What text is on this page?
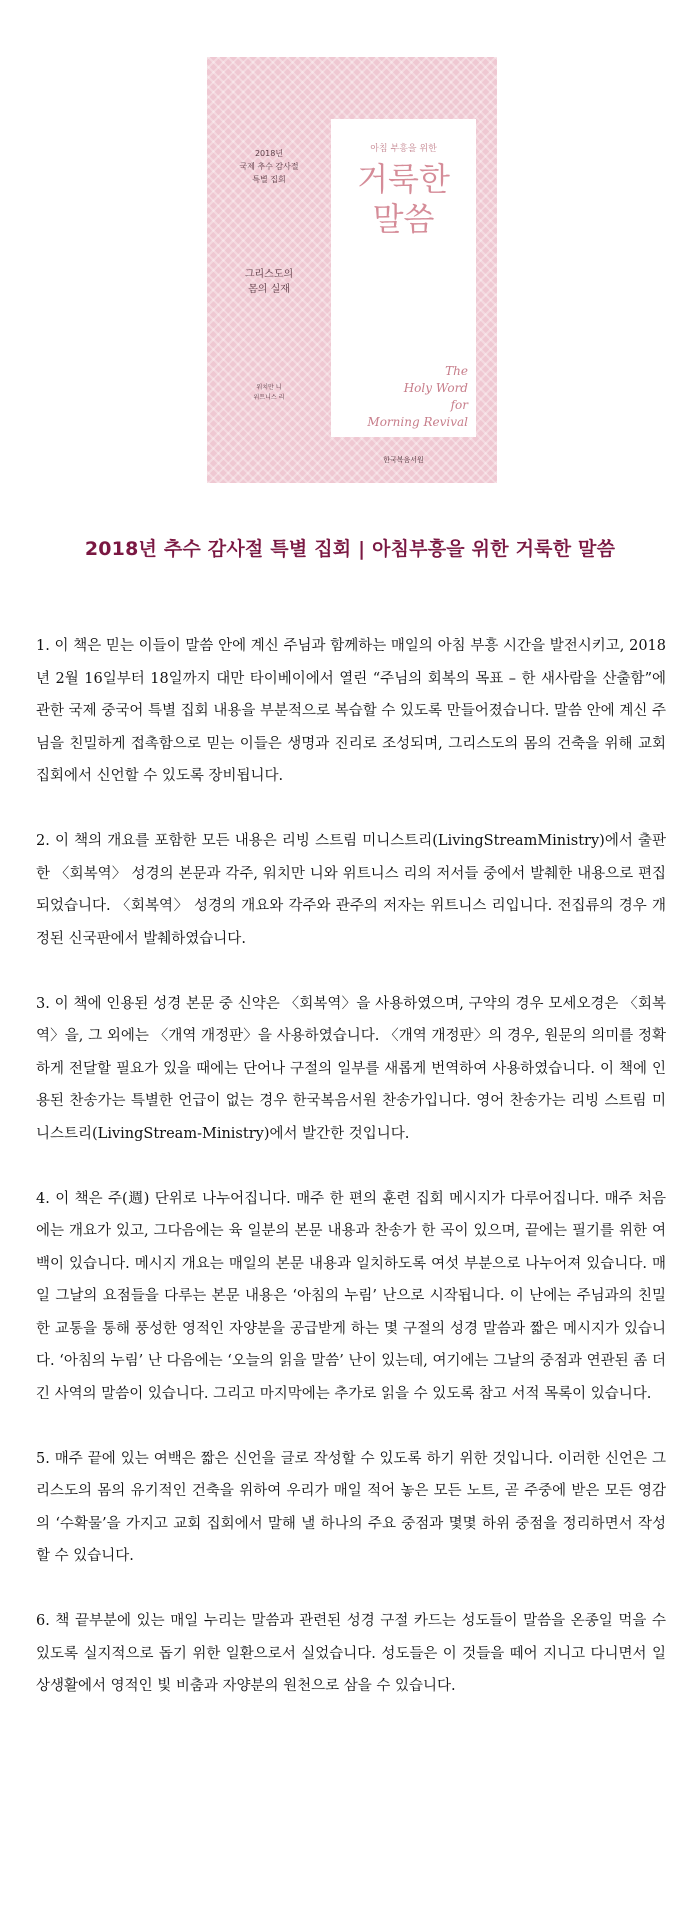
2018년
국제 추수 감사절
특별 집회
그리스도의
몸의 실재
워치만 니
위트니스 리
아침 부흥을 위한
거룩한
말씀
The
Holy Word
for
Morning Revival
한국복음서원
2018년 추수 감사절 특별 집회 | 아침부흥을 위한 거룩한 말씀

1. 이 책은 믿는 이들이 말씀 안에 계신 주님과 함께하는 매일의 아침 부흥 시간을 발전시키고, 2018년 2월 16일부터 18일까지 대만 타이베이에서 열린 “주님의 회복의 목표 – 한 새사람을 산출함”에 관한 국제 중국어 특별 집회 내용을 부분적으로 복습할 수 있도록 만들어졌습니다. 말씀 안에 계신 주님을 친밀하게 접촉함으로 믿는 이들은 생명과 진리로 조성되며, 그리스도의 몸의 건축을 위해 교회 집회에서 신언할 수 있도록 장비됩니다.

2. 이 책의 개요를 포함한 모든 내용은 리빙 스트림 미니스트리(LivingStreamMinistry)에서 출판한 〈회복역〉 성경의 본문과 각주, 워치만 니와 위트니스 리의 저서들 중에서 발췌한 내용으로 편집되었습니다. 〈회복역〉 성경의 개요와 각주와 관주의 저자는 위트니스 리입니다. 전집류의 경우 개정된 신국판에서 발췌하였습니다.

3. 이 책에 인용된 성경 본문 중 신약은 〈회복역〉을 사용하였으며, 구약의 경우 모세오경은 〈회복역〉을, 그 외에는 〈개역 개정판〉을 사용하였습니다. 〈개역 개정판〉의 경우, 원문의 의미를 정확하게 전달할 필요가 있을 때에는 단어나 구절의 일부를 새롭게 번역하여 사용하였습니다. 이 책에 인용된 찬송가는 특별한 언급이 없는 경우 한국복음서원 찬송가입니다. 영어 찬송가는 리빙 스트림 미니스트리(LivingStream-Ministry)에서 발간한 것입니다.

4. 이 책은 주(週) 단위로 나누어집니다. 매주 한 편의 훈련 집회 메시지가 다루어집니다. 매주 처음에는 개요가 있고, 그다음에는 육 일분의 본문 내용과 찬송가 한 곡이 있으며, 끝에는 필기를 위한 여백이 있습니다. 메시지 개요는 매일의 본문 내용과 일치하도록 여섯 부분으로 나누어져 있습니다. 매일 그날의 요점들을 다루는 본문 내용은 ‘아침의 누림’ 난으로 시작됩니다. 이 난에는 주님과의 친밀한 교통을 통해 풍성한 영적인 자양분을 공급받게 하는 몇 구절의 성경 말씀과 짧은 메시지가 있습니다. ‘아침의 누림’ 난 다음에는 ‘오늘의 읽을 말씀’ 난이 있는데, 여기에는 그날의 중점과 연관된 좀 더 긴 사역의 말씀이 있습니다. 그리고 마지막에는 추가로 읽을 수 있도록 참고 서적 목록이 있습니다.

5. 매주 끝에 있는 여백은 짧은 신언을 글로 작성할 수 있도록 하기 위한 것입니다. 이러한 신언은 그리스도의 몸의 유기적인 건축을 위하여 우리가 매일 적어 놓은 모든 노트, 곧 주중에 받은 모든 영감의 ‘수확물’을 가지고 교회 집회에서 말해 낼 하나의 주요 중점과 몇몇 하위 중점을 정리하면서 작성할 수 있습니다.

6. 책 끝부분에 있는 매일 누리는 말씀과 관련된 성경 구절 카드는 성도들이 말씀을 온종일 먹을 수 있도록 실지적으로 돕기 위한 일환으로서 실었습니다. 성도들은 이 것들을 떼어 지니고 다니면서 일상생활에서 영적인 빛 비춤과 자양분의 원천으로 삼을 수 있습니다.
